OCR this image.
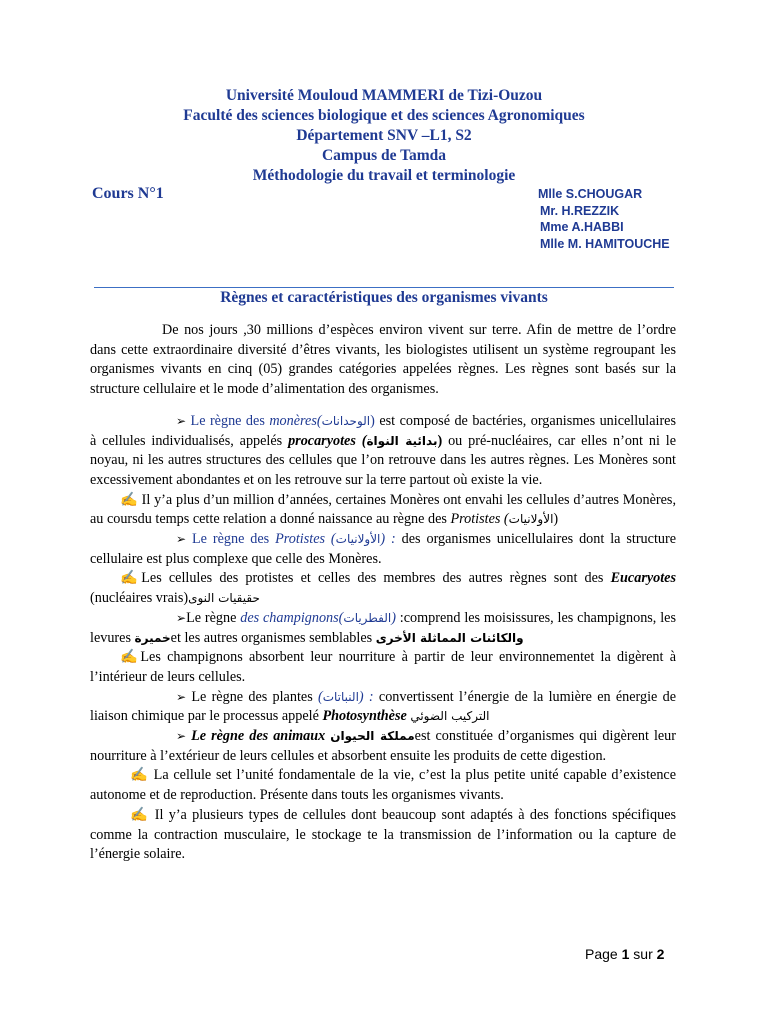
Université Mouloud MAMMERI de Tizi-Ouzou
Faculté des sciences biologique et des sciences Agronomiques
Département SNV –L1, S2
Campus de Tamda
Méthodologie du travail et terminologie
Cours N°1	Mlle S.CHOUGAR
Mr. H.REZZIK
Mme A.HABBI
Mlle M. HAMITOUCHE
Règnes et caractéristiques des organismes vivants

De nos jours ,30 millions d’espèces environ vivent sur terre. Afin de mettre de l’ordre dans cette extraordinaire diversité d’êtres vivants, les biologistes utilisent un système regroupant les organismes vivants en cinq (05) grandes catégories appelées règnes. Les règnes sont basés sur la structure cellulaire et le mode d’alimentation des organismes.

➢ Le règne des monères(الوحدانات) est composé de bactéries, organismes unicellulaires à cellules individualisés, appelés procaryotes (بدائية النواة) ou pré-nucléaires, car elles n’ont ni le noyau, ni les autres structures des cellules que l’on retrouve dans les autres règnes. Les Monères sont excessivement abondantes et on les retrouve sur la terre partout où existe la vie.

✍ Il y’a plus d’un million d’années, certaines Monères ont envahi les cellules d’autres Monères, au coursdu temps cette relation a donné naissance au règne des Protistes (الأولانيات)

➢ Le règne des Protistes (الأولانيات) : des organismes unicellulaires dont la structure cellulaire est plus complexe que celle des Monères.

✍Les cellules des protistes et celles des membres des autres règnes sont des Eucaryotes (nucléaires vrais)حقيقيات النوى

➢Le règne des champignons(الفطريات) :comprend les moisissures, les champignons, les levures خميرةet les autres organismes semblables والكائنات المماثلة الأخرى

✍Les champignons absorbent leur nourriture à partir de leur environnementet la digèrent à l’intérieur de leurs cellules.

➢ Le règne des plantes (النباتات) : convertissent l’énergie de la lumière en énergie de liaison chimique par le processus appelé Photosynthèse التركيب الضوئي

➢ Le règne des animaux مملكة الحيوانest constituée d’organismes qui digèrent leur nourriture à l’extérieur de leurs cellules et absorbent ensuite les produits de cette digestion.

✍ La cellule set l’unité fondamentale de la vie, c’est la plus petite unité capable d’existence autonome et de reproduction. Présente dans touts les organismes vivants.

✍ Il y’a plusieurs types de cellules dont beaucoup sont adaptés à des fonctions spécifiques comme la contraction musculaire, le stockage te la transmission de l’information ou la capture de l’énergie solaire.

Page 1 sur 2
